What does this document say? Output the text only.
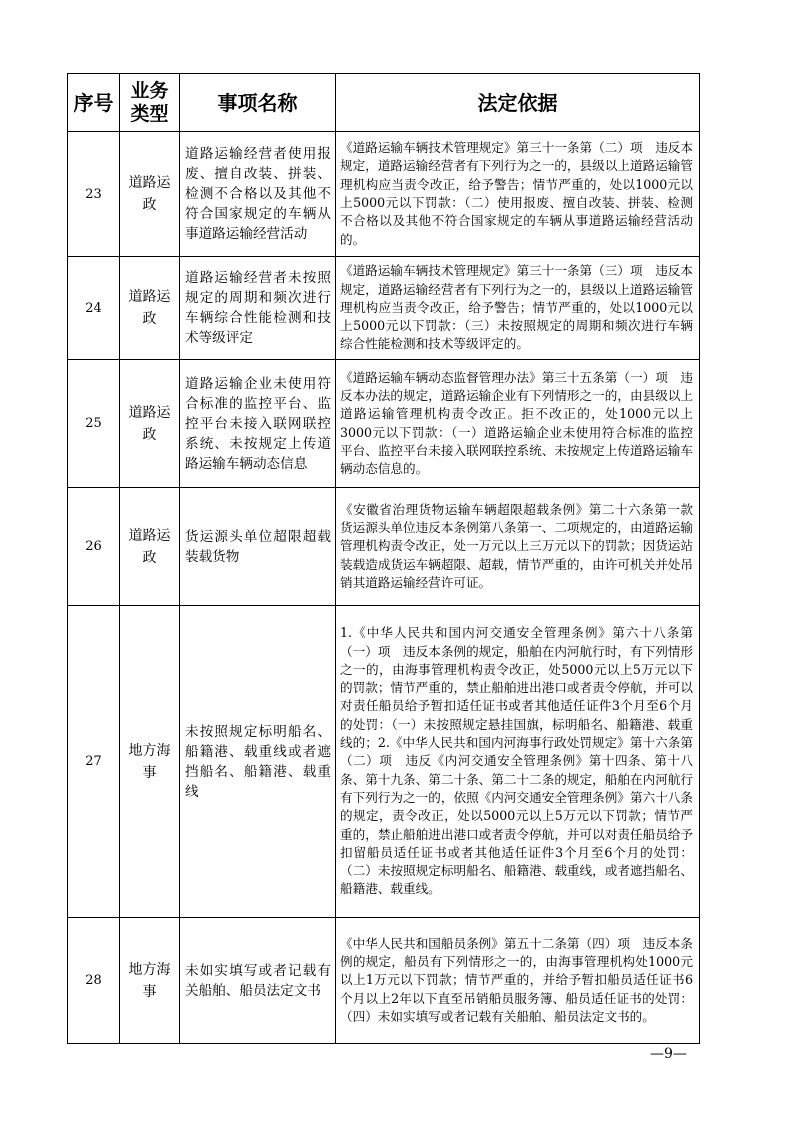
序号	业务类型	事项名称	法定依据
23	道路运政	道路运输经营者使用报废、擅自改装、拼装、检测不合格以及其他不符合国家规定的车辆从事道路运输经营活动	《道路运输车辆技术管理规定》第三十一条第（二）项　违反本规定，道路运输经营者有下列行为之一的，县级以上道路运输管理机构应当责令改正，给予警告；情节严重的，处以1000元以上5000元以下罚款：（二）使用报废、擅自改装、拼装、检测不合格以及其他不符合国家规定的车辆从事道路运输经营活动的。
24	道路运政	道路运输经营者未按照规定的周期和频次进行车辆综合性能检测和技术等级评定	《道路运输车辆技术管理规定》第三十一条第（三）项　违反本规定，道路运输经营者有下列行为之一的，县级以上道路运输管理机构应当责令改正，给予警告；情节严重的，处以1000元以上5000元以下罚款：（三）未按照规定的周期和频次进行车辆综合性能检测和技术等级评定的。
25	道路运政	道路运输企业未使用符合标准的监控平台、监控平台未接入联网联控系统、未按规定上传道路运输车辆动态信息	《道路运输车辆动态监督管理办法》第三十五条第（一）项　违反本办法的规定，道路运输企业有下列情形之一的，由县级以上道路运输管理机构责令改正。拒不改正的，处1000元以上3000元以下罚款：（一）道路运输企业未使用符合标准的监控平台、监控平台未接入联网联控系统、未按规定上传道路运输车辆动态信息的。
26	道路运政	货运源头单位超限超载装载货物	《安徽省治理货物运输车辆超限超载条例》第二十六条第一款　货运源头单位违反本条例第八条第一、二项规定的，由道路运输管理机构责令改正，处一万元以上三万元以下的罚款；因货运站装载造成货运车辆超限、超载，情节严重的，由许可机关并处吊销其道路运输经营许可证。
27	地方海事	未按照规定标明船名、船籍港、载重线或者遮挡船名、船籍港、载重线	1.《中华人民共和国内河交通安全管理条例》第六十八条第（一）项　违反本条例的规定，船舶在内河航行时，有下列情形之一的，由海事管理机构责令改正，处5000元以上5万元以下的罚款；情节严重的，禁止船舶进出港口或者责令停航，并可以对责任船员给予暂扣适任证书或者其他适任证件3个月至6个月的处罚：（一）未按照规定悬挂国旗，标明船名、船籍港、载重线的；2.《中华人民共和国内河海事行政处罚规定》第十六条第（二）项　违反《内河交通安全管理条例》第十四条、第十八条、第十九条、第二十条、第二十二条的规定，船舶在内河航行有下列行为之一的，依照《内河交通安全管理条例》第六十八条的规定，责令改正，处以5000元以上5万元以下罚款；情节严重的，禁止船舶进出港口或者责令停航，并可以对责任船员给予扣留船员适任证书或者其他适任证件3个月至6个月的处罚：（二）未按照规定标明船名、船籍港、载重线，或者遮挡船名、船籍港、载重线。
28	地方海事	未如实填写或者记载有关船舶、船员法定文书	《中华人民共和国船员条例》第五十二条第（四）项　违反本条例的规定，船员有下列情形之一的，由海事管理机构处1000元以上1万元以下罚款；情节严重的，并给予暂扣船员适任证书6个月以上2年以下直至吊销船员服务簿、船员适任证书的处罚：（四）未如实填写或者记载有关船舶、船员法定文书的。
—9—
